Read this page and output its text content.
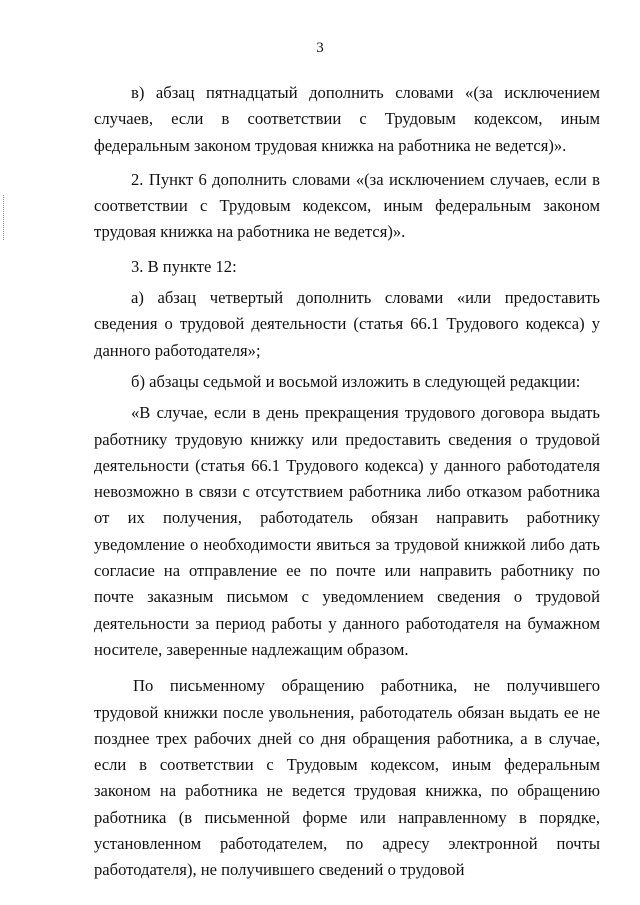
3

в) абзац пятнадцатый дополнить словами «(за исключением случаев, если в соответствии с Трудовым кодексом, иным федеральным законом трудовая книжка на работника не ведется)».

2. Пункт 6 дополнить словами «(за исключением случаев, если в соответствии с Трудовым кодексом, иным федеральным законом трудовая книжка на работника не ведется)».

3. В пункте 12:

а) абзац четвертый дополнить словами «или предоставить сведения о трудовой деятельности (статья 66.1 Трудового кодекса) у данного работодателя»;

б) абзацы седьмой и восьмой изложить в следующей редакции:

«В случае, если в день прекращения трудового договора выдать работнику трудовую книжку или предоставить сведения о трудовой деятельности (статья 66.1 Трудового кодекса) у данного работодателя невозможно в связи с отсутствием работника либо отказом работника от их получения, работодатель обязан направить работнику уведомление о необходимости явиться за трудовой книжкой либо дать согласие на отправление ее по почте или направить работнику по почте заказным письмом с уведомлением сведения о трудовой деятельности за период работы у данного работодателя на бумажном носителе, заверенные надлежащим образом.

По письменному обращению работника, не получившего трудовой книжки после увольнения, работодатель обязан выдать ее не позднее трех рабочих дней со дня обращения работника, а в случае, если в соответствии с Трудовым кодексом, иным федеральным законом на работника не ведется трудовая книжка, по обращению работника (в письменной форме или направленному в порядке, установленном работодателем, по адресу электронной почты работодателя), не получившего сведений о трудовой
